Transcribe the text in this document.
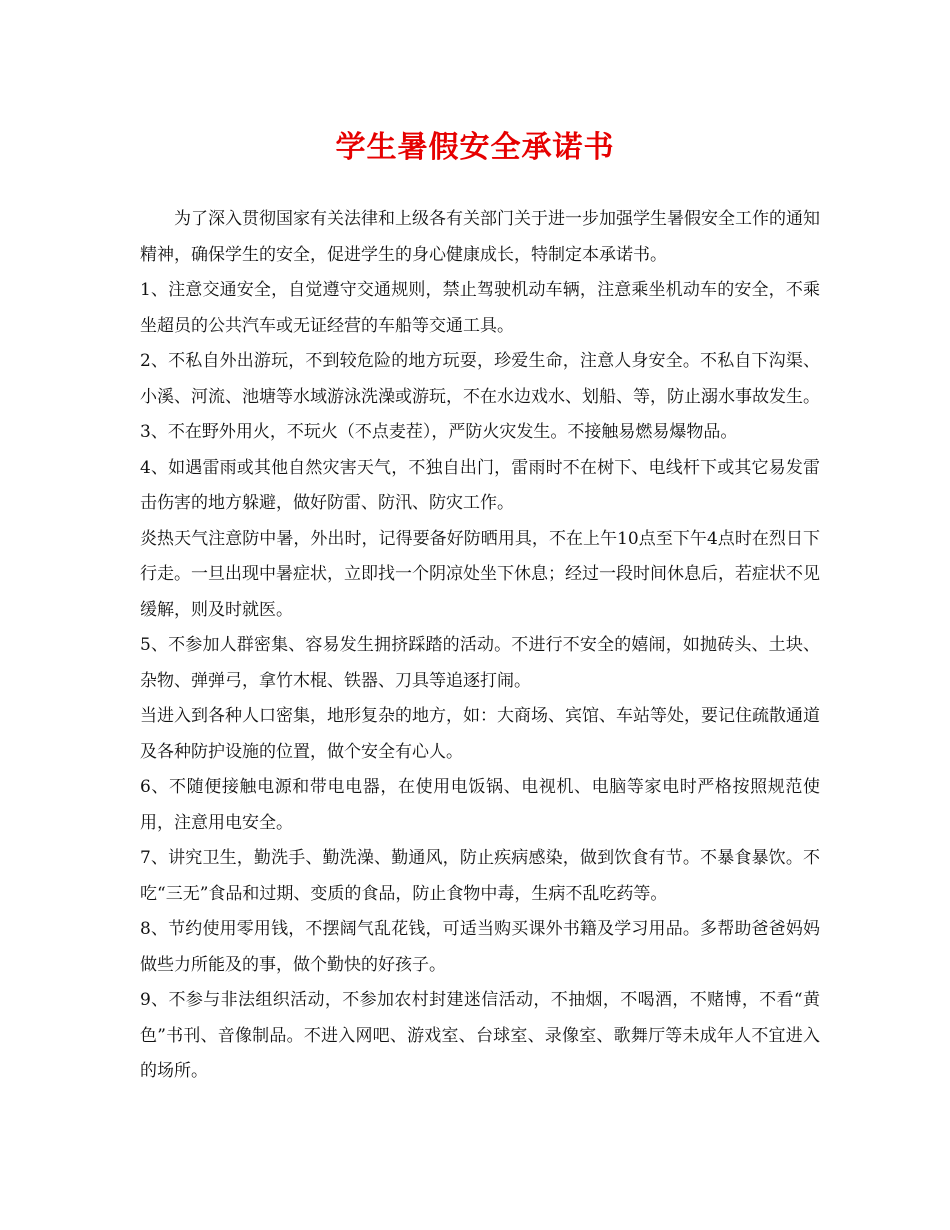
学生暑假安全承诺书

为了深入贯彻国家有关法律和上级各有关部门关于进一步加强学生暑假安全工作的通知精神，确保学生的安全，促进学生的身心健康成长，特制定本承诺书。

1、注意交通安全，自觉遵守交通规则，禁止驾驶机动车辆，注意乘坐机动车的安全，不乘坐超员的公共汽车或无证经营的车船等交通工具。

2、不私自外出游玩，不到较危险的地方玩耍，珍爱生命，注意人身安全。不私自下沟渠、小溪、河流、池塘等水域游泳洗澡或游玩，不在水边戏水、划船、等，防止溺水事故发生。

3、不在野外用火，不玩火（不点麦茬），严防火灾发生。不接触易燃易爆物品。

4、如遇雷雨或其他自然灾害天气，不独自出门，雷雨时不在树下、电线杆下或其它易发雷击伤害的地方躲避，做好防雷、防汛、防灾工作。

炎热天气注意防中暑，外出时，记得要备好防晒用具，不在上午10点至下午4点时在烈日下行走。一旦出现中暑症状，立即找一个阴凉处坐下休息；经过一段时间休息后，若症状不见缓解，则及时就医。

5、不参加人群密集、容易发生拥挤踩踏的活动。不进行不安全的嬉闹，如抛砖头、土块、杂物、弹弹弓，拿竹木棍、铁器、刀具等追逐打闹。

当进入到各种人口密集，地形复杂的地方，如：大商场、宾馆、车站等处，要记住疏散通道及各种防护设施的位置，做个安全有心人。

6、不随便接触电源和带电电器，在使用电饭锅、电视机、电脑等家电时严格按照规范使用，注意用电安全。

7、讲究卫生，勤洗手、勤洗澡、勤通风，防止疾病感染，做到饮食有节。不暴食暴饮。不吃“三无”食品和过期、变质的食品，防止食物中毒，生病不乱吃药等。

8、节约使用零用钱，不摆阔气乱花钱，可适当购买课外书籍及学习用品。多帮助爸爸妈妈做些力所能及的事，做个勤快的好孩子。

9、不参与非法组织活动，不参加农村封建迷信活动，不抽烟，不喝酒，不赌博，不看“黄色”书刊、音像制品。不进入网吧、游戏室、台球室、录像室、歌舞厅等未成年人不宜进入的场所。
